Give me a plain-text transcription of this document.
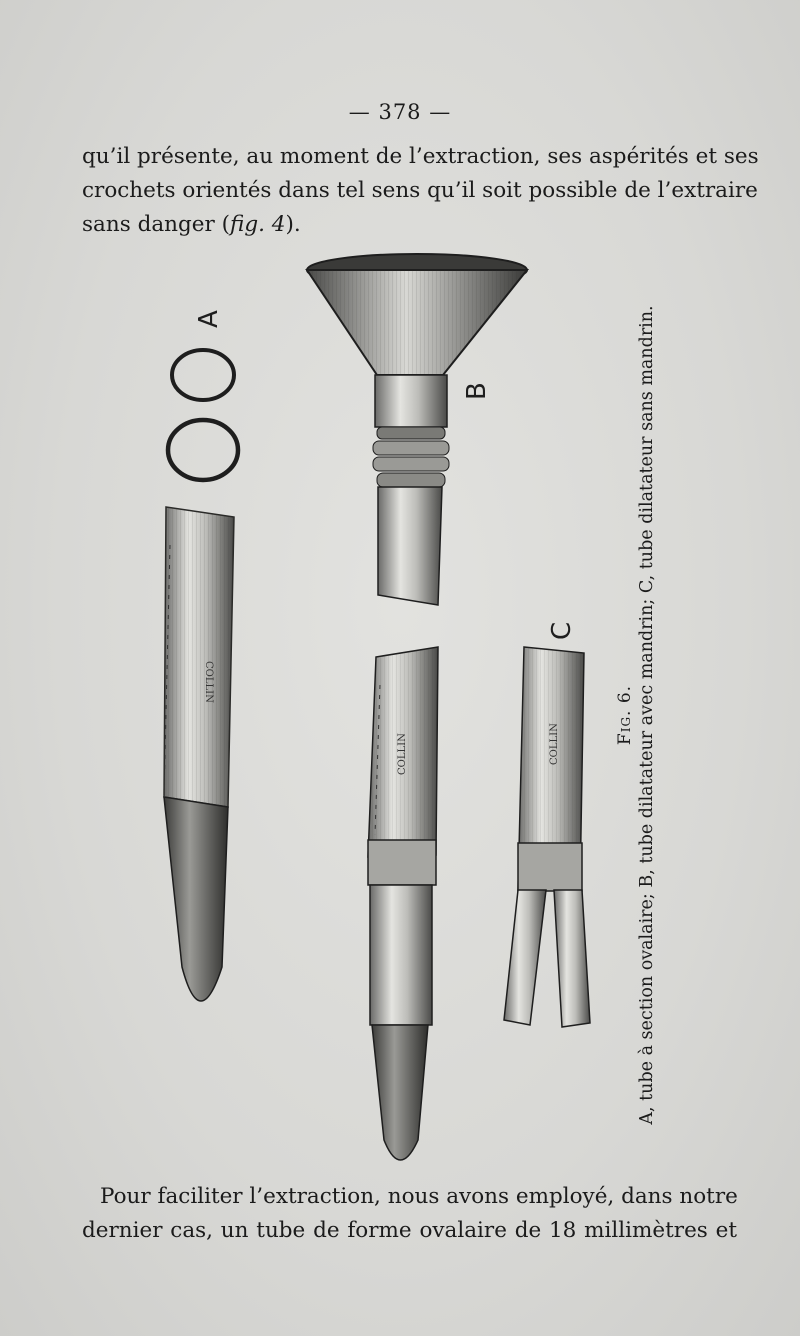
— 378 —
qu’il présente, au moment de l’extraction, ses aspérités et ses
crochets orientés dans tel sens qu’il soit possible de l’extraire
sans danger (fig. 4).
COLLIN
A
COLLIN
B
COLLIN
C
Fig. 6. A, tube à section ovalaire; B, tube dilatateur avec mandrin; C, tube dilatateur sans mandrin.
Pour faciliter l’extraction, nous avons employé, dans notre
dernier cas, un tube de forme ovalaire de 18 millimètres et
